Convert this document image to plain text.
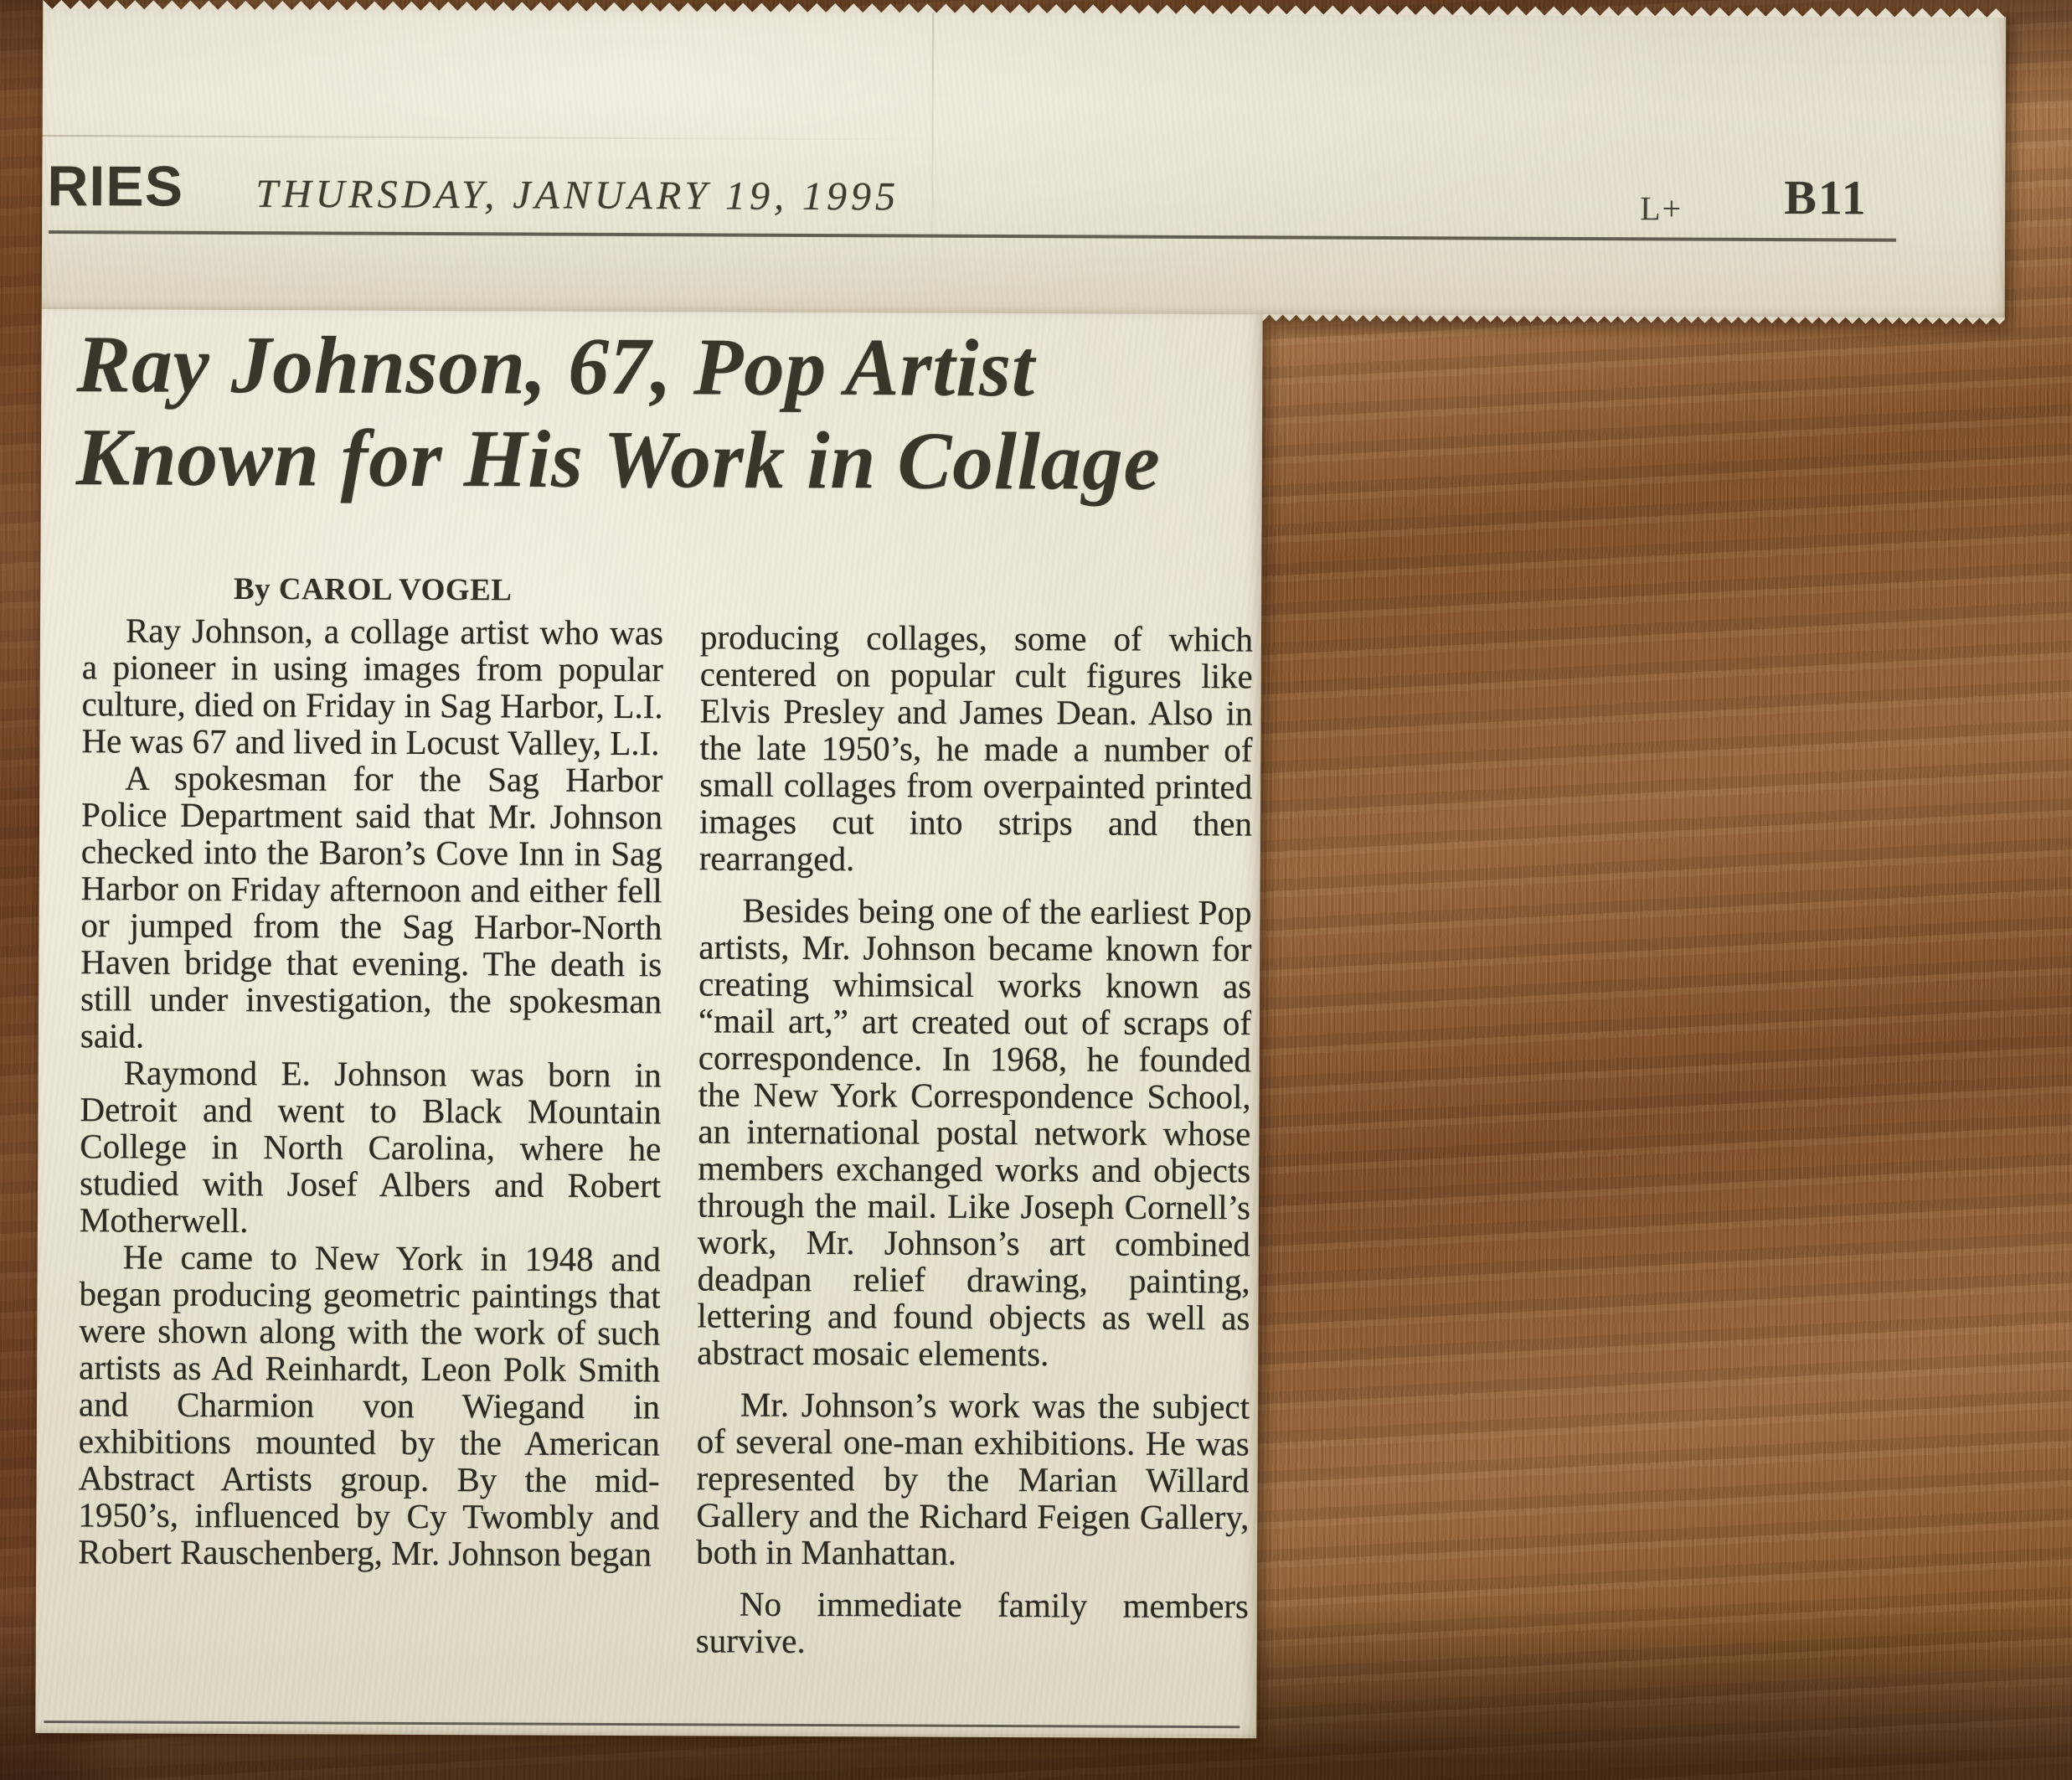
RIES THURSDAY, JANUARY 19, 1995	L+ B11
Ray Johnson, 67, Pop Artist
Known for His Work in Collage
By CAROL VOGEL

Ray Johnson, a collage artist who was a pioneer in using images from popular culture, died on Friday in Sag Harbor, L.I. He was 67 and lived in Locust Valley, L.I.

A spokesman for the Sag Harbor Police Department said that Mr. Johnson checked into the Baron’s Cove Inn in Sag Harbor on Friday afternoon and either fell or jumped from the Sag Harbor-North Haven bridge that evening. The death is still under investigation, the spokesman said.

Raymond E. Johnson was born in Detroit and went to Black Mountain College in North Carolina, where he studied with Josef Albers and Robert Motherwell.

He came to New York in 1948 and began producing geometric paintings that were shown along with the work of such artists as Ad Reinhardt, Leon Polk Smith and Charmion von Wiegand in exhibitions mounted by the American Abstract Artists group. By the mid-1950’s, influenced by Cy Twombly and Robert Rauschenberg, Mr. Johnson began

producing collages, some of which centered on popular cult figures like Elvis Presley and James Dean. Also in the late 1950’s, he made a number of small collages from overpainted printed images cut into strips and then rearranged.

Besides being one of the earliest Pop artists, Mr. Johnson became known for creating whimsical works known as “mail art,” art created out of scraps of correspondence. In 1968, he founded the New York Correspondence School, an international postal network whose members exchanged works and objects through the mail. Like Joseph Cornell’s work, Mr. Johnson’s art combined deadpan relief drawing, painting, lettering and found objects as well as abstract mosaic elements.

Mr. Johnson’s work was the subject of several one-man exhibitions. He was represented by the Marian Willard Gallery and the Richard Feigen Gallery, both in Manhattan.

No immediate family members survive.
